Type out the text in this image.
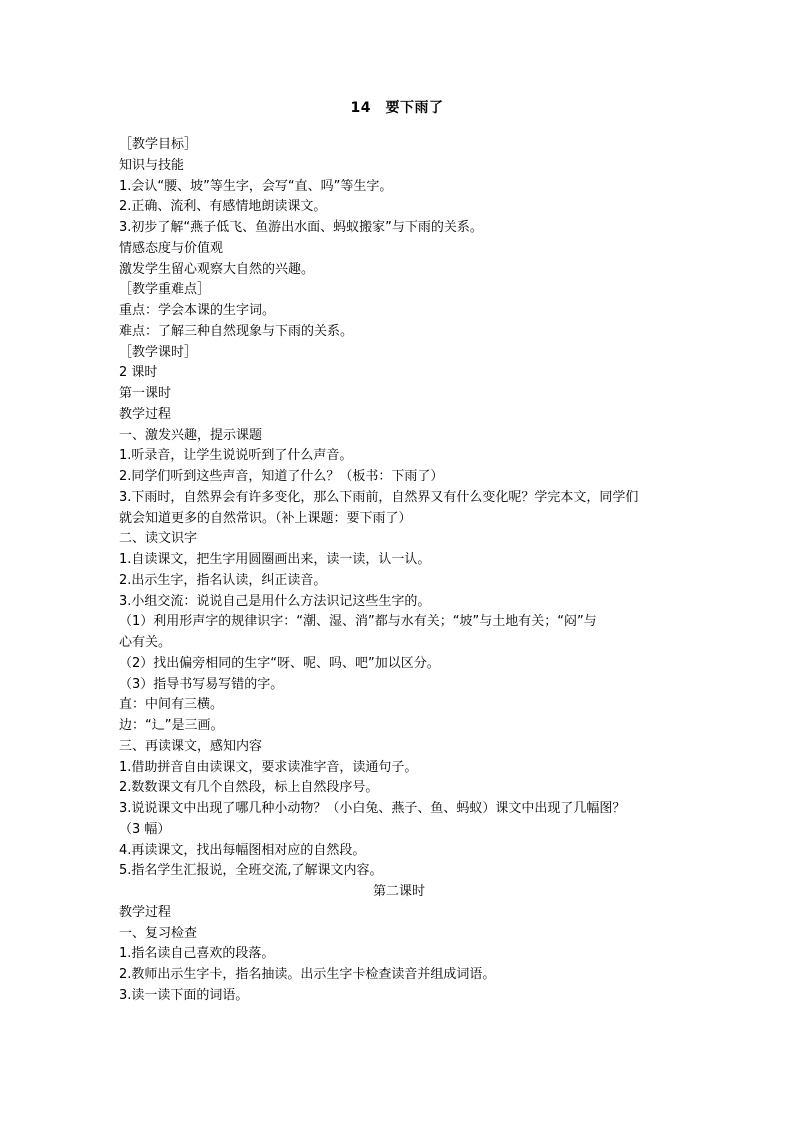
14　要下雨了
［教学目标］
知识与技能
1.会认“腰、坡”等生字，会写“直、吗”等生字。
2.正确、流利、有感情地朗读课文。
3.初步了解“燕子低飞、鱼游出水面、蚂蚁搬家”与下雨的关系。
情感态度与价值观
激发学生留心观察大自然的兴趣。
［教学重难点］
重点：学会本课的生字词。
难点：了解三种自然现象与下雨的关系。
［教学课时］
2 课时
第一课时
教学过程
一、激发兴趣，提示课题
1.听录音，让学生说说听到了什么声音。
2.同学们听到这些声音，知道了什么？（板书：下雨了）
3.下雨时，自然界会有许多变化，那么下雨前，自然界又有什么变化呢？学完本文，同学们
就会知道更多的自然常识。（补上课题：要下雨了）
二、读文识字
1.自读课文，把生字用圆圈画出来，读一读，认一认。
2.出示生字，指名认读，纠正读音。
3.小组交流：说说自己是用什么方法识记这些生字的。
（1）利用形声字的规律识字：“潮、湿、消”都与水有关；“坡”与土地有关；“闷”与
心有关。
（2）找出偏旁相同的生字“呀、呢、吗、吧”加以区分。
（3）指导书写易写错的字。
直：中间有三横。
边：“辶”是三画。
三、再读课文，感知内容
1.借助拼音自由读课文，要求读准字音，读通句子。
2.数数课文有几个自然段，标上自然段序号。
3.说说课文中出现了哪几种小动物？（小白兔、燕子、鱼、蚂蚁）课文中出现了几幅图？
（3 幅）
4.再读课文，找出每幅图相对应的自然段。
5.指名学生汇报说，全班交流,了解课文内容。
第二课时
教学过程
一、复习检查
1.指名读自己喜欢的段落。
2.教师出示生字卡，指名抽读。出示生字卡检查读音并组成词语。
3.读一读下面的词语。
